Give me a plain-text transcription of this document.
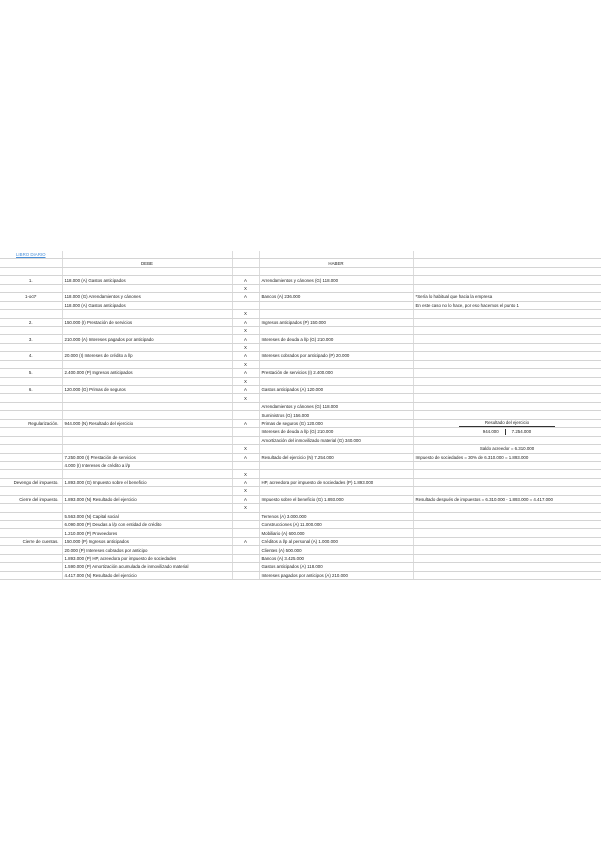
LIBRO DIARIO				
	DEBE		HABER	

1.	118.000 (A) Gastos anticipados	A	Arrendamientos y cánones (G) 118.000	
		X		
1-oct*	118.000 (G) Arrendamientos y cánones	A	Bancos (A) 236.000	*Sería lo habitual que hacia la empresa
	118.000 (A) Gastos anticipados			En este caso no lo hace, por eso hacemos el punto 1
		X		
2.	150.000 (I) Prestación de servicios	A	Ingresos anticipados (P) 150.000	
		X		
3.	210.000 (A) Intereses pagados por anticipado	A	Intereses de deuda a l/p (G) 210.000	
		X		
4.	20.000 (I) Intereses de crédito a l/p	A	Intereses cobrados por anticipado (P) 20.000	
		X		
5.	2.400.000 (P) Ingresos anticipados	A	Prestación de servicios (I) 2.400.000	
		X		
6.	120.000 (G) Primas de seguros	A	Gastos anticipados (A) 120.000	
		X		
			Arrendamientos y cánones (G) 118.000	
			Suministros (G) 156.000	
Regularización.	944.000 (N) Resultado del ejercicio	A	Primas de seguros (G) 120.000	Resultado del ejercicio

			Intereses de deuda a l/p (G) 210.000	944.000 7.254.000

			Amortización del inmovilizado material (G) 340.000	
		X		Saldo acreedor = 6.310.000
	7.250.000 (I) Prestación de servicios	A	Resultado del ejercicio (N) 7.254.000	Impuesto de sociedades = 30% de 6.310.000 = 1.893.000
	4.000 (I) Intereses de crédito a l/p			
		X		
Devengo del impuesto.	1.893.000 (G) Impuesto sobre el beneficio	A	HP, acreedora por impuesto de sociedades (P) 1.893.000	
		X		
Cierre del impuesto.	1.893.000 (N) Resultado del ejercicio	A	Impuesto sobre el beneficio (G) 1.893.000	Resultado después de impuestos = 6.310.000 - 1.893.000 = 4.417.000
		X		
	5.563.000 (N) Capital social		Terrenos (A) 3.000.000	
	6.090.000 (P) Deudas a l/p con entidad de crédito		Construcciones (A) 11.000.000	
	1.210.000 (P) Proveedores		Mobiliario (A) 600.000	
Cierre de cuentas.	150.000 (P) Ingresos anticipados	A	Créditos a l/p al personal (A) 1.000.000	
	20.000 (P) Intereses cobrados por anticipo		Clientes (A) 500.000	
	1.893.000 (P) HP, acreedora por impuesto de sociedades		Bancos (A) 3.425.000	
	1.590.000 (P) Amortización acumulada de inmovilizado material		Gastos anticipados (A) 118.000	
	4.417.000 (N) Resultado del ejercicio		Intereses pagados por anticipos (A) 210.000	
